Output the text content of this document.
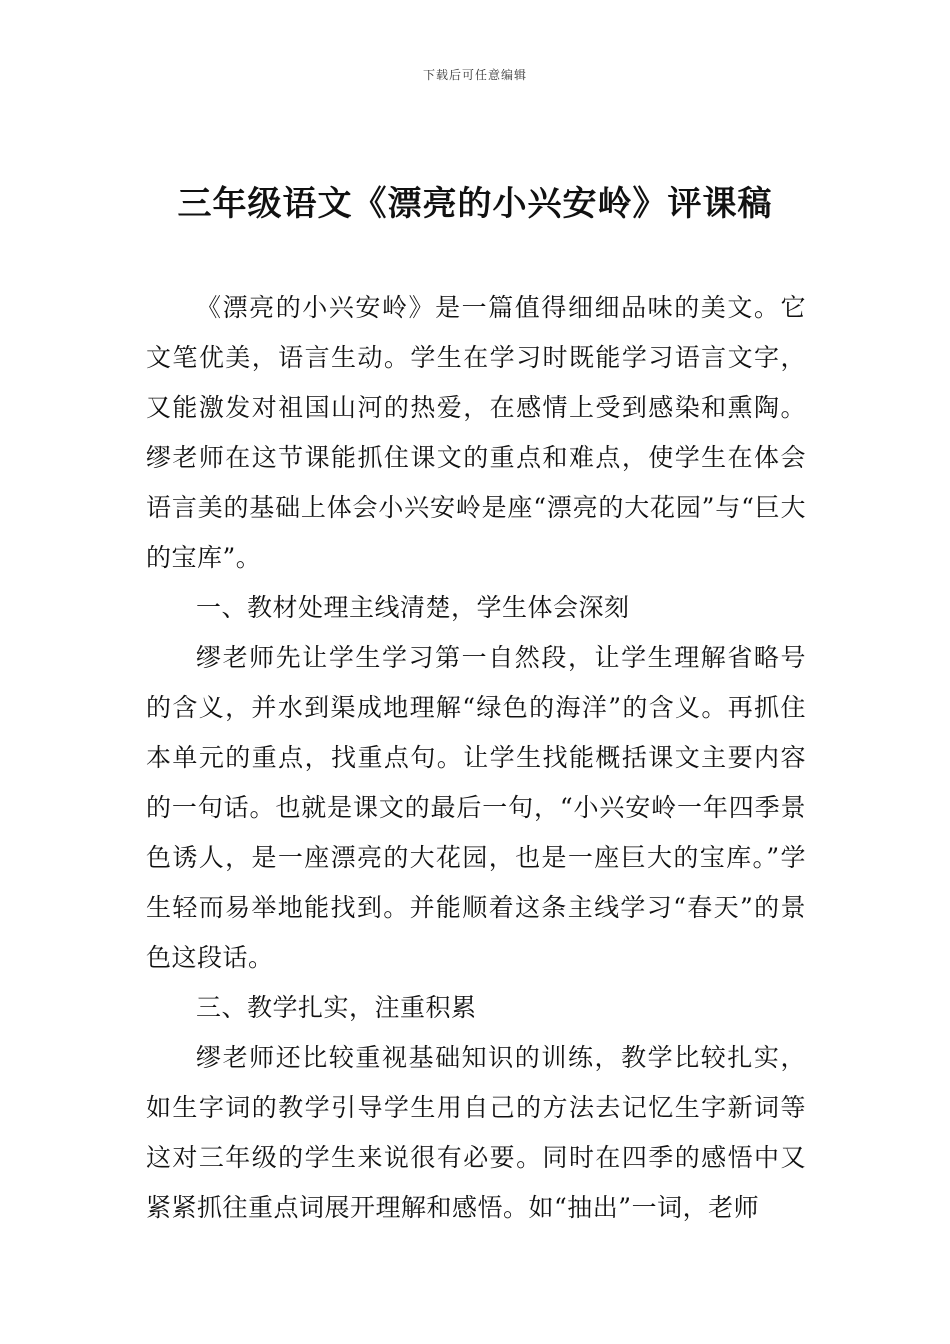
下载后可任意编辑
三年级语文《漂亮的小兴安岭》评课稿

《漂亮的小兴安岭》是一篇值得细细品味的美文。它文笔优美，语言生动。学生在学习时既能学习语言文字，又能激发对祖国山河的热爱，在感情上受到感染和熏陶。缪老师在这节课能抓住课文的重点和难点，使学生在体会语言美的基础上体会小兴安岭是座“漂亮的大花园”与“巨大的宝库”。

一、教材处理主线清楚，学生体会深刻

缪老师先让学生学习第一自然段，让学生理解省略号的含义，并水到渠成地理解“绿色的海洋”的含义。再抓住本单元的重点，找重点句。让学生找能概括课文主要内容的一句话。也就是课文的最后一句，“小兴安岭一年四季景色诱人，是一座漂亮的大花园，也是一座巨大的宝库。”学生轻而易举地能找到。并能顺着这条主线学习“春天”的景色这段话。

三、教学扎实，注重积累

缪老师还比较重视基础知识的训练，教学比较扎实，如生字词的教学引导学生用自己的方法去记忆生字新词等这对三年级的学生来说很有必要。同时在四季的感悟中又紧紧抓往重点词展开理解和感悟。如“抽出”一词，老师
